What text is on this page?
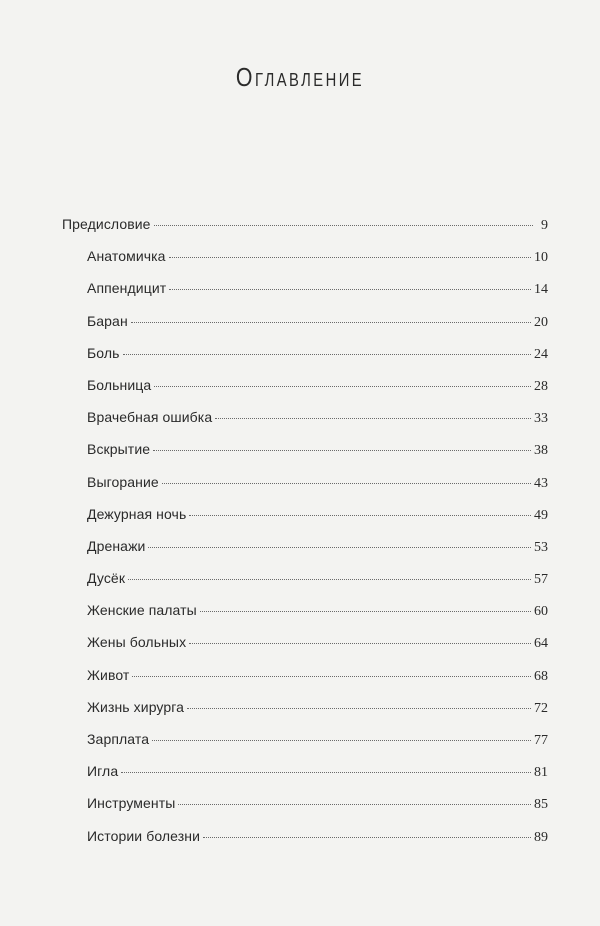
Оглавление
Предисловие	9
Анатомичка	10
Аппендицит	14
Баран	20
Боль	24
Больница	28
Врачебная ошибка	33
Вскрытие	38
Выгорание	43
Дежурная ночь	49
Дренажи	53
Дусёк	57
Женские палаты	60
Жены больных	64
Живот	68
Жизнь хирурга	72
Зарплата	77
Игла	81
Инструменты	85
Истории болезни	89
